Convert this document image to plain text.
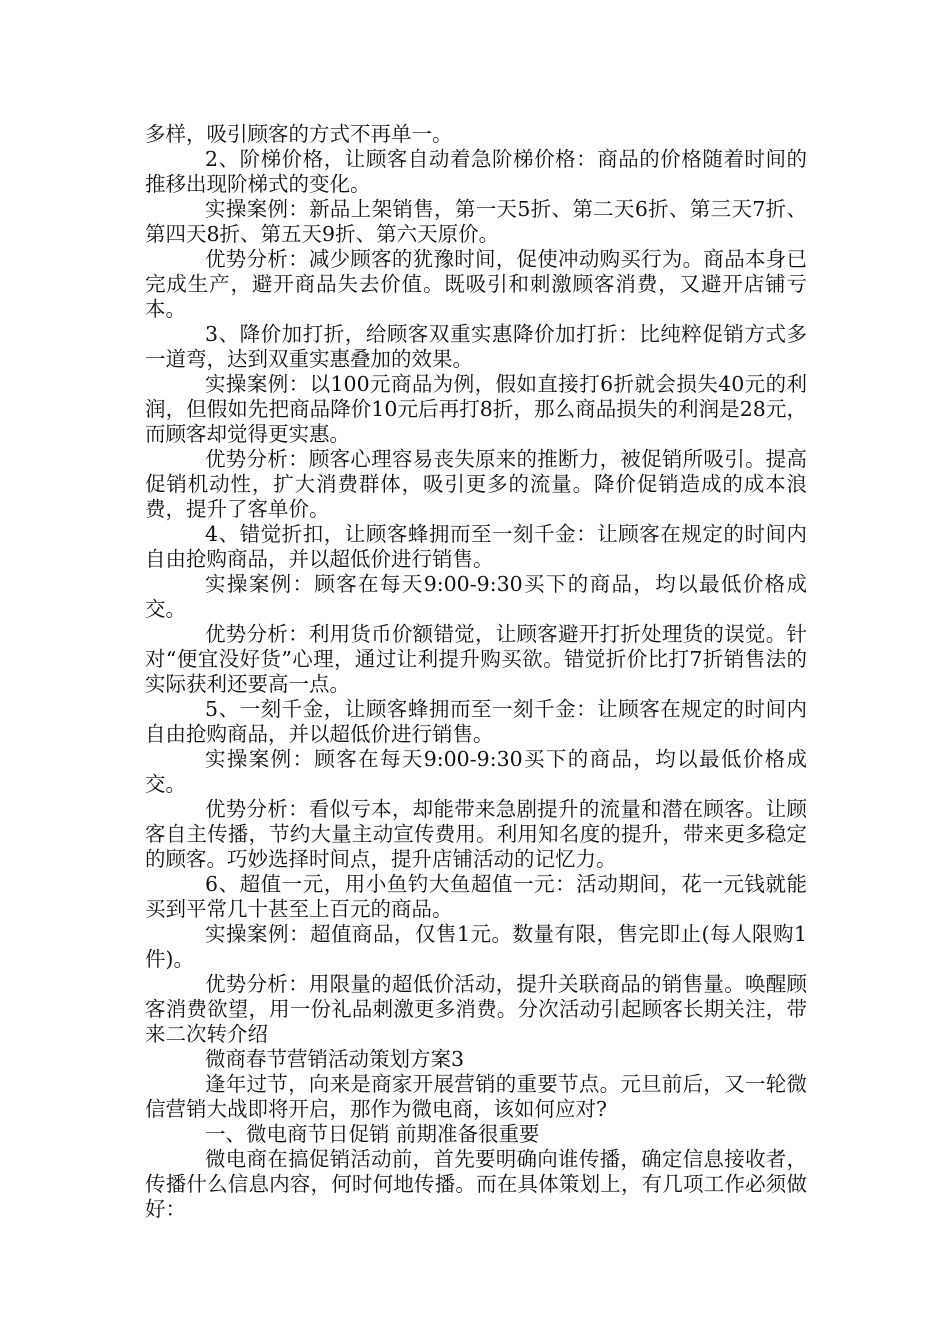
多样，吸引顾客的方式不再单一。

2、阶梯价格，让顾客自动着急阶梯价格：商品的价格随着时间的推移出现阶梯式的变化。

实操案例：新品上架销售，第一天5折、第二天6折、第三天7折、第四天8折、第五天9折、第六天原价。

优势分析：减少顾客的犹豫时间，促使冲动购买行为。商品本身已完成生产，避开商品失去价值。既吸引和刺激顾客消费，又避开店铺亏本。

3、降价加打折，给顾客双重实惠降价加打折：比纯粹促销方式多一道弯，达到双重实惠叠加的效果。

实操案例：以100元商品为例，假如直接打6折就会损失40元的利润，但假如先把商品降价10元后再打8折，那么商品损失的利润是28元，而顾客却觉得更实惠。

优势分析：顾客心理容易丧失原来的推断力，被促销所吸引。提高促销机动性，扩大消费群体，吸引更多的流量。降价促销造成的成本浪费，提升了客单价。

4、错觉折扣，让顾客蜂拥而至一刻千金：让顾客在规定的时间内自由抢购商品，并以超低价进行销售。

实操案例：顾客在每天9:00-9:30买下的商品，均以最低价格成交。

优势分析：利用货币价额错觉，让顾客避开打折处理货的误觉。针对“便宜没好货”心理，通过让利提升购买欲。错觉折价比打7折销售法的实际获利还要高一点。

5、一刻千金，让顾客蜂拥而至一刻千金：让顾客在规定的时间内自由抢购商品，并以超低价进行销售。

实操案例：顾客在每天9:00-9:30买下的商品，均以最低价格成交。

优势分析：看似亏本，却能带来急剧提升的流量和潜在顾客。让顾客自主传播，节约大量主动宣传费用。利用知名度的提升，带来更多稳定的顾客。巧妙选择时间点，提升店铺活动的记忆力。

6、超值一元，用小鱼钓大鱼超值一元：活动期间，花一元钱就能买到平常几十甚至上百元的商品。

实操案例：超值商品，仅售1元。数量有限，售完即止(每人限购1件)。

优势分析：用限量的超低价活动，提升关联商品的销售量。唤醒顾客消费欲望，用一份礼品刺激更多消费。分次活动引起顾客长期关注，带来二次转介绍

微商春节营销活动策划方案3

逢年过节，向来是商家开展营销的重要节点。元旦前后，又一轮微信营销大战即将开启，那作为微电商，该如何应对?

一、微电商节日促销 前期准备很重要

微电商在搞促销活动前，首先要明确向谁传播，确定信息接收者，传播什么信息内容，何时何地传播。而在具体策划上，有几项工作必须做好：
